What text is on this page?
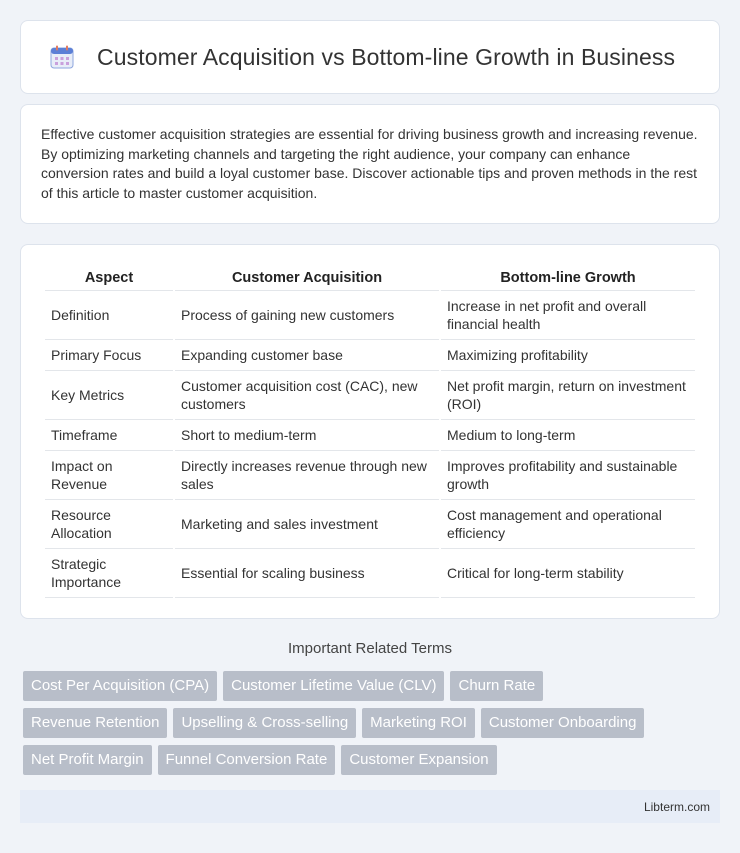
Customer Acquisition vs Bottom-line Growth in Business

Effective customer acquisition strategies are essential for driving business growth and increasing revenue. By optimizing marketing channels and targeting the right audience, your company can enhance conversion rates and build a loyal customer base. Discover actionable tips and proven methods in the rest of this article to master customer acquisition.

Aspect	Customer Acquisition	Bottom-line Growth
Definition	Process of gaining new customers	Increase in net profit and overall financial health
Primary Focus	Expanding customer base	Maximizing profitability
Key Metrics	Customer acquisition cost (CAC), new customers	Net profit margin, return on investment (ROI)
Timeframe	Short to medium-term	Medium to long-term
Impact on Revenue	Directly increases revenue through new sales	Improves profitability and sustainable growth
Resource Allocation	Marketing and sales investment	Cost management and operational efficiency
Strategic Importance	Essential for scaling business	Critical for long-term stability
Important Related Terms
Cost Per Acquisition (CPA)	Customer Lifetime Value (CLV)	Churn Rate
Revenue Retention	Upselling & Cross-selling	Marketing ROI	Customer Onboarding
Net Profit Margin	Funnel Conversion Rate	Customer Expansion
Libterm.com
